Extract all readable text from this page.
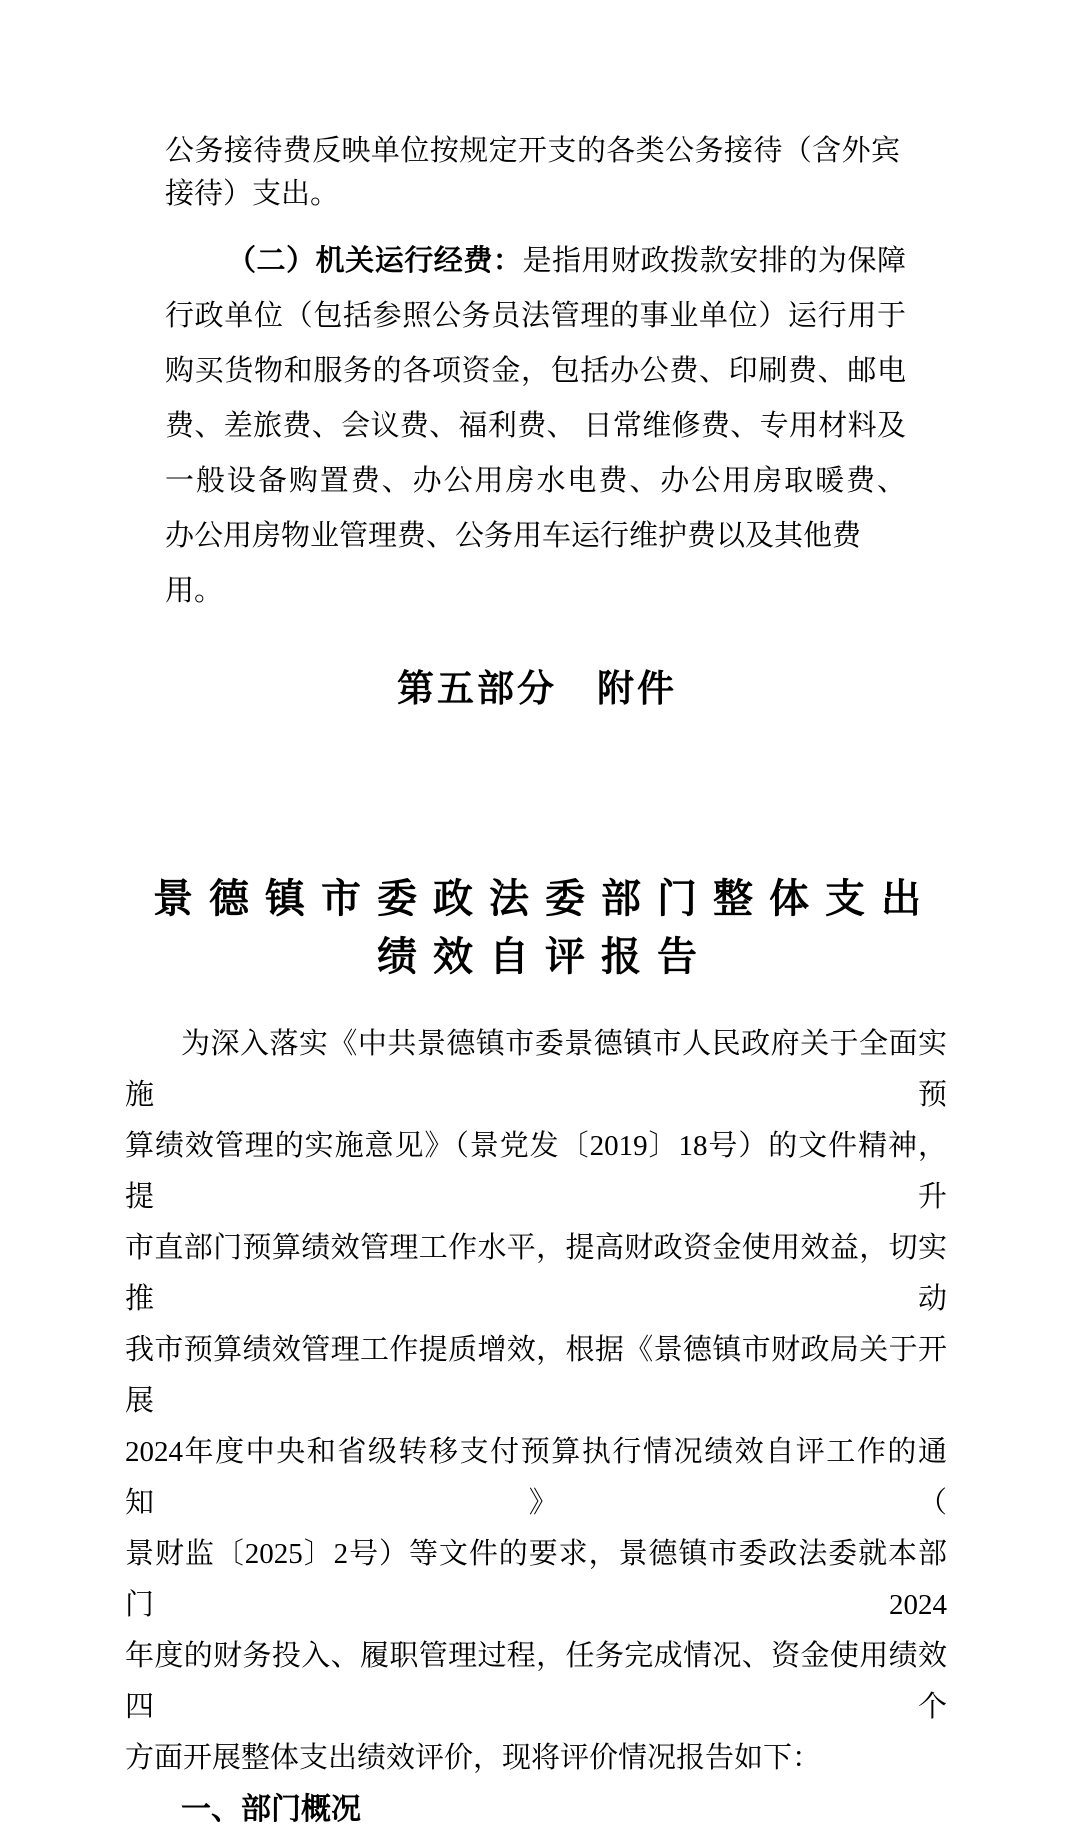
公务接待费反映单位按规定开支的各类公务接待（含外宾
接待）支出。
（二）机关运行经费：是指用财政拨款安排的为保障
行政单位（包括参照公务员法管理的事业单位）运行用于
购买货物和服务的各项资金，包括办公费、印刷费、邮电
费、差旅费、会议费、福利费、 日常维修费、专用材料及
一般设备购置费、办公用房水电费、办公用房取暖费、
办公用房物业管理费、公务用车运行维护费以及其他费用。
第五部分　附件
景德镇市委政法委部门整体支出
绩效自评报告
为深入落实《中共景德镇市委景德镇市人民政府关于全面实施预
算绩效管理的实施意见》（景党发〔2019〕18号）的文件精神，提升
市直部门预算绩效管理工作水平，提高财政资金使用效益，切实推动
我市预算绩效管理工作提质增效，根据《景德镇市财政局关于开展
2024年度中央和省级转移支付预算执行情况绩效自评工作的通知》（
景财监〔2025〕2号）等文件的要求，景德镇市委政法委就本部门2024
年度的财务投入、履职管理过程，任务完成情况、资金使用绩效四个
方面开展整体支出绩效评价，现将评价情况报告如下：
一、部门概况
